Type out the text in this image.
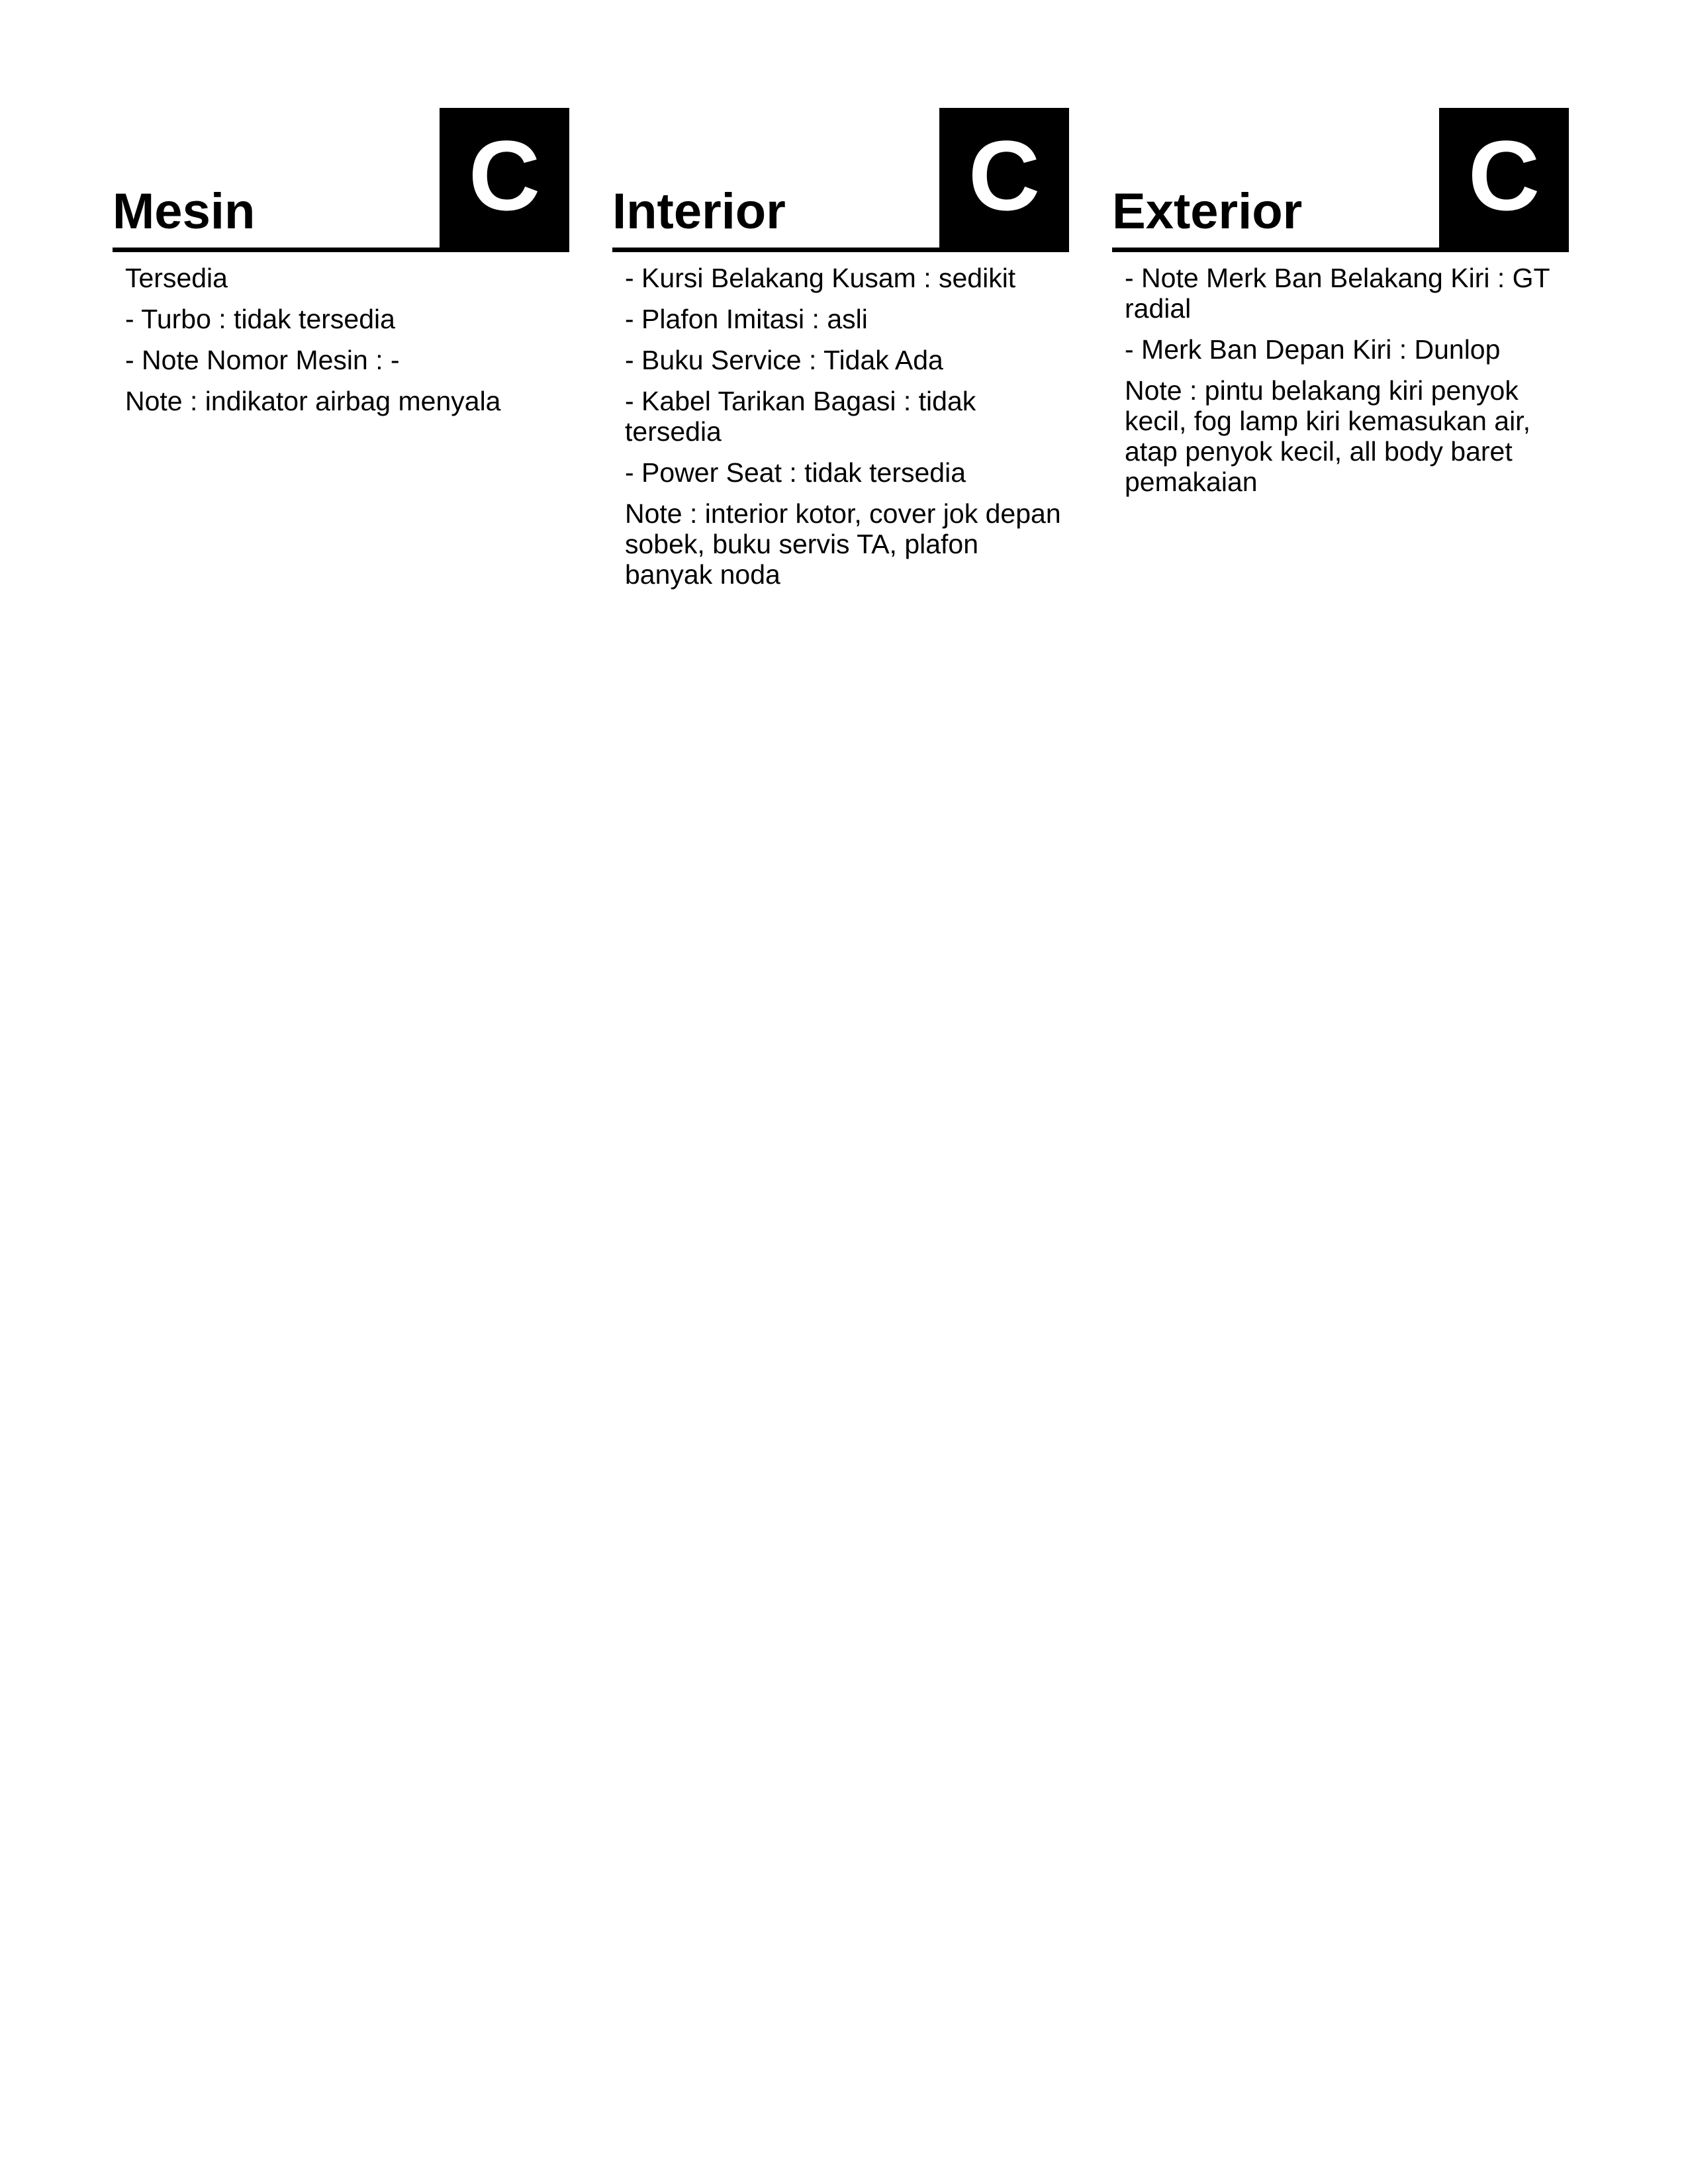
Mesin C
Tersedia
- Turbo : tidak tersedia
- Note Nomor Mesin : -
Note : indikator airbag menyala
Interior C
- Kursi Belakang Kusam : sedikit
- Plafon Imitasi : asli
- Buku Service : Tidak Ada
- Kabel Tarikan Bagasi : tidak tersedia
- Power Seat : tidak tersedia
Note : interior kotor, cover jok depan sobek, buku servis TA, plafon banyak noda
Exterior C
- Note Merk Ban Belakang Kiri : GT radial
- Merk Ban Depan Kiri : Dunlop
Note : pintu belakang kiri penyok kecil, fog lamp kiri kemasukan air, atap penyok kecil, all body baret pemakaian
